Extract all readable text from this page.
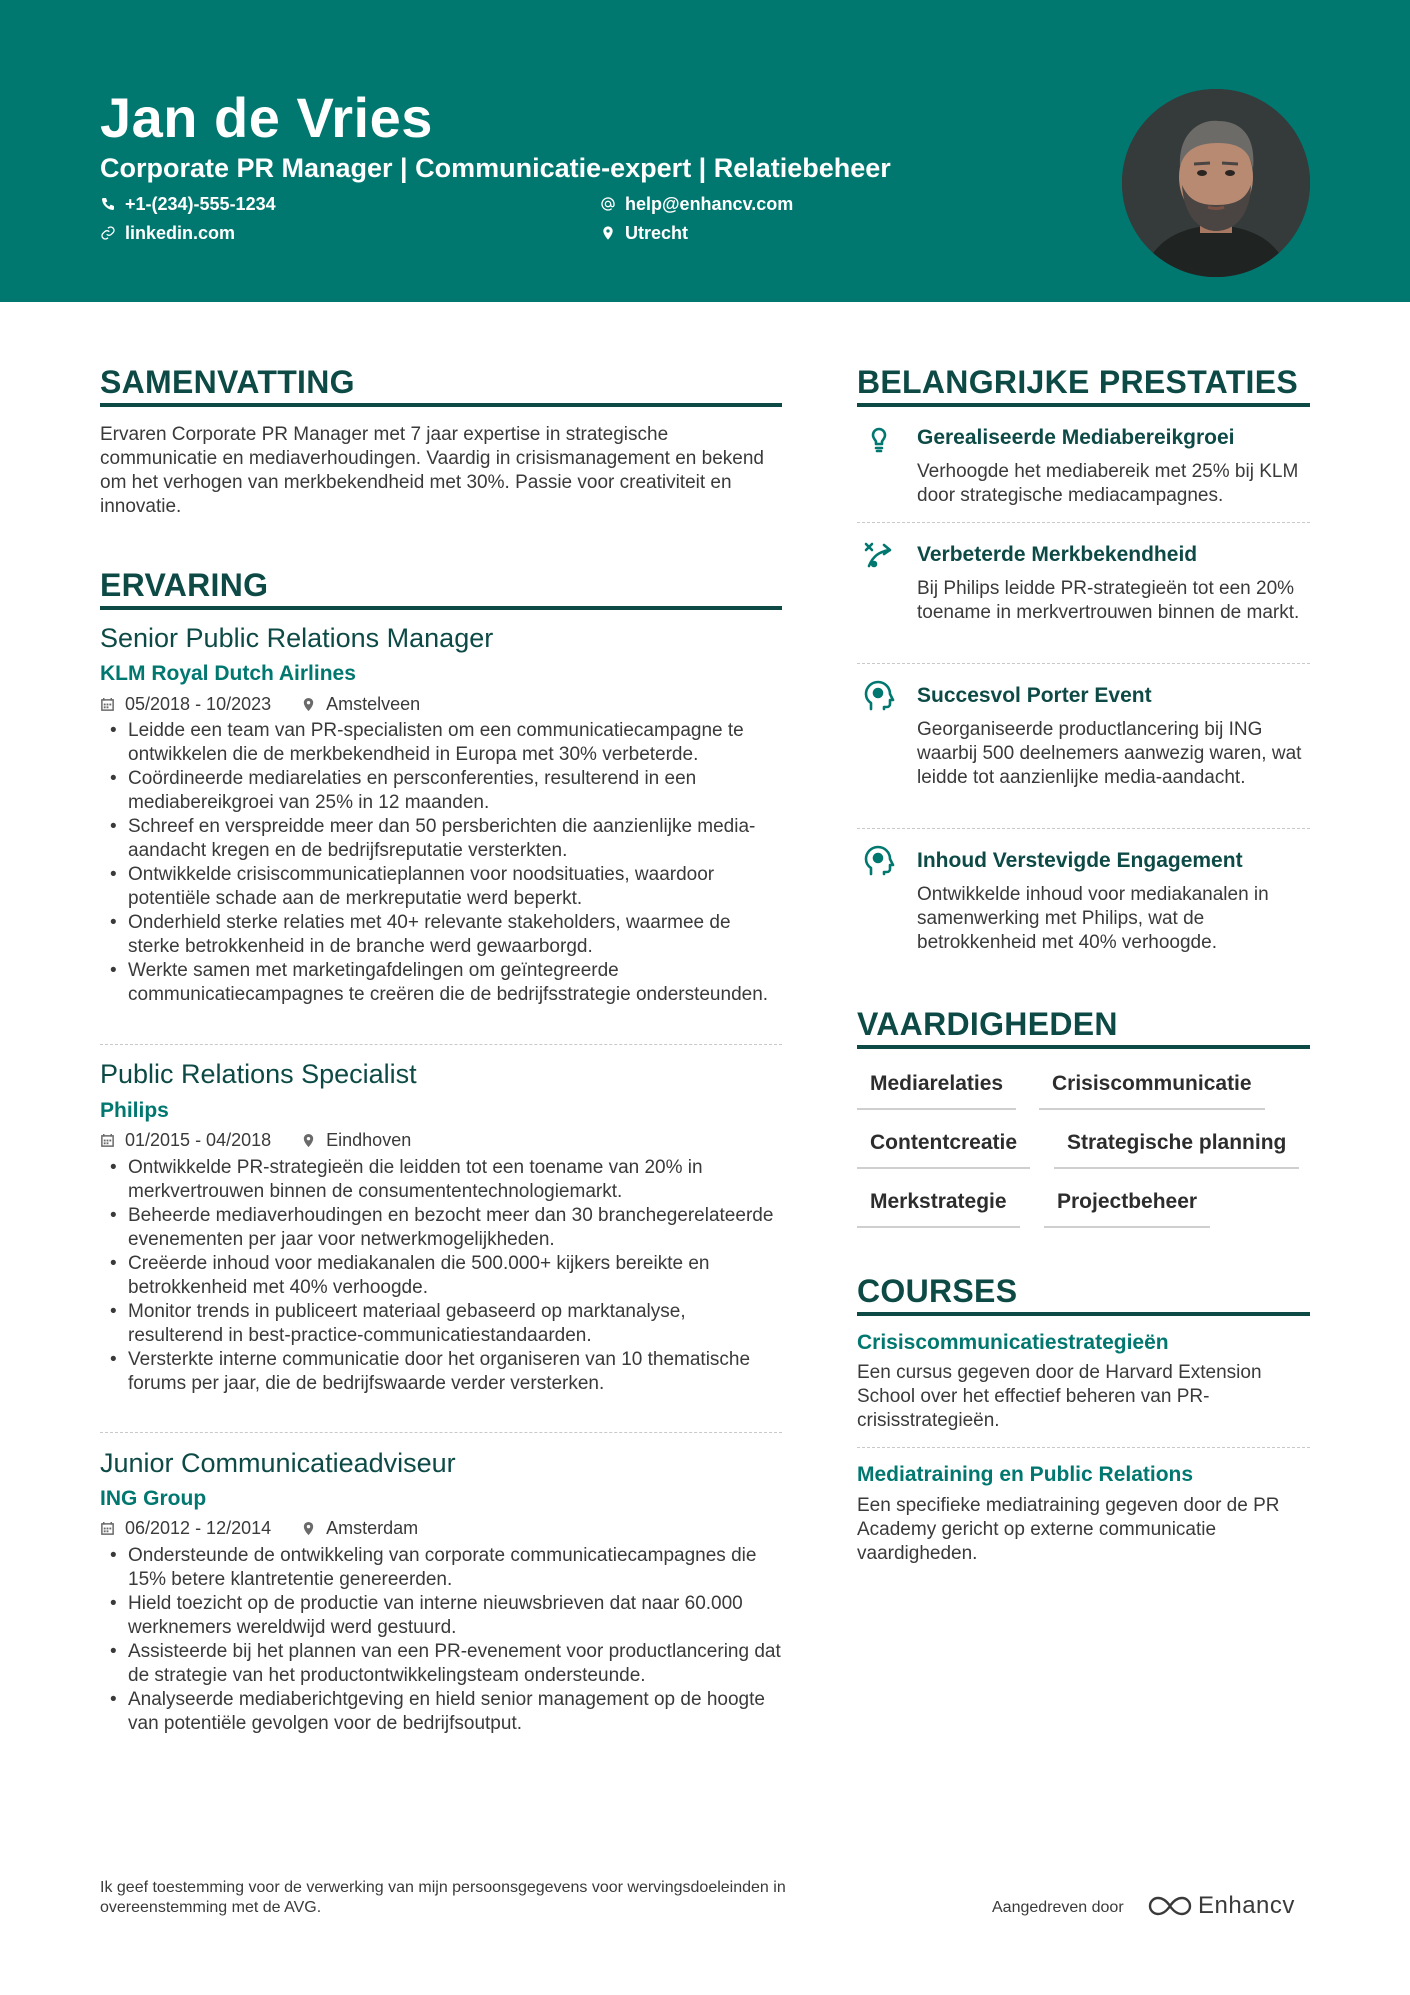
Jan de Vries
Corporate PR Manager | Communicatie-expert | Relatiebeheer
+1-(234)-555-1234	help@enhancv.com
linkedin.com	Utrecht
SAMENVATTING
Ervaren Corporate PR Manager met 7 jaar expertise in strategische communicatie en mediaverhoudingen. Vaardig in crisismanagement en bekend om het verhogen van merkbekendheid met 30%. Passie voor creativiteit en innovatie.
ERVARING
Senior Public Relations Manager
KLM Royal Dutch Airlines
05/2018 - 10/2023	Amstelveen
• Leidde een team van PR-specialisten om een communicatiecampagne te ontwikkelen die de merkbekendheid in Europa met 30% verbeterde.
• Coördineerde mediarelaties en persconferenties, resulterend in een mediabereikgroei van 25% in 12 maanden.
• Schreef en verspreidde meer dan 50 persberichten die aanzienlijke media-aandacht kregen en de bedrijfsreputatie versterkten.
• Ontwikkelde crisiscommunicatieplannen voor noodsituaties, waardoor potentiële schade aan de merkreputatie werd beperkt.
• Onderhield sterke relaties met 40+ relevante stakeholders, waarmee de sterke betrokkenheid in de branche werd gewaarborgd.
• Werkte samen met marketingafdelingen om geïntegreerde communicatiecampagnes te creëren die de bedrijfsstrategie ondersteunden.
Public Relations Specialist
Philips
01/2015 - 04/2018	Eindhoven
• Ontwikkelde PR-strategieën die leidden tot een toename van 20% in merkvertrouwen binnen de consumententechnologiemarkt.
• Beheerde mediaverhoudingen en bezocht meer dan 30 branchegerelateerde evenementen per jaar voor netwerkmogelijkheden.
• Creëerde inhoud voor mediakanalen die 500.000+ kijkers bereikte en betrokkenheid met 40% verhoogde.
• Monitor trends in publiceert materiaal gebaseerd op marktanalyse, resulterend in best-practice-communicatiestandaarden.
• Versterkte interne communicatie door het organiseren van 10 thematische forums per jaar, die de bedrijfswaarde verder versterken.
Junior Communicatieadviseur
ING Group
06/2012 - 12/2014	Amsterdam
• Ondersteunde de ontwikkeling van corporate communicatiecampagnes die 15% betere klantretentie genereerden.
• Hield toezicht op de productie van interne nieuwsbrieven dat naar 60.000 werknemers wereldwijd werd gestuurd.
• Assisteerde bij het plannen van een PR-evenement voor productlancering dat de strategie van het productontwikkelingsteam ondersteunde.
• Analyseerde mediaberichtgeving en hield senior management op de hoogte van potentiële gevolgen voor de bedrijfsoutput.
BELANGRIJKE PRESTATIES
Gerealiseerde Mediabereikgroei
Verhoogde het mediabereik met 25% bij KLM door strategische mediacampagnes.
Verbeterde Merkbekendheid
Bij Philips leidde PR-strategieën tot een 20% toename in merkvertrouwen binnen de markt.
Succesvol Porter Event
Georganiseerde productlancering bij ING waarbij 500 deelnemers aanwezig waren, wat leidde tot aanzienlijke media-aandacht.
Inhoud Verstevigde Engagement
Ontwikkelde inhoud voor mediakanalen in samenwerking met Philips, wat de betrokkenheid met 40% verhoogde.
VAARDIGHEDEN
Mediarelaties	Crisiscommunicatie
Contentcreatie	Strategische planning
Merkstrategie	Projectbeheer
COURSES
Crisiscommunicatiestrategieën
Een cursus gegeven door de Harvard Extension School over het effectief beheren van PR-crisisstrategieën.
Mediatraining en Public Relations
Een specifieke mediatraining gegeven door de PR Academy gericht op externe communicatie vaardigheden.
Ik geef toestemming voor de verwerking van mijn persoonsgegevens voor wervingsdoeleinden in overeenstemming met de AVG.	Aangedreven door	Enhancv
